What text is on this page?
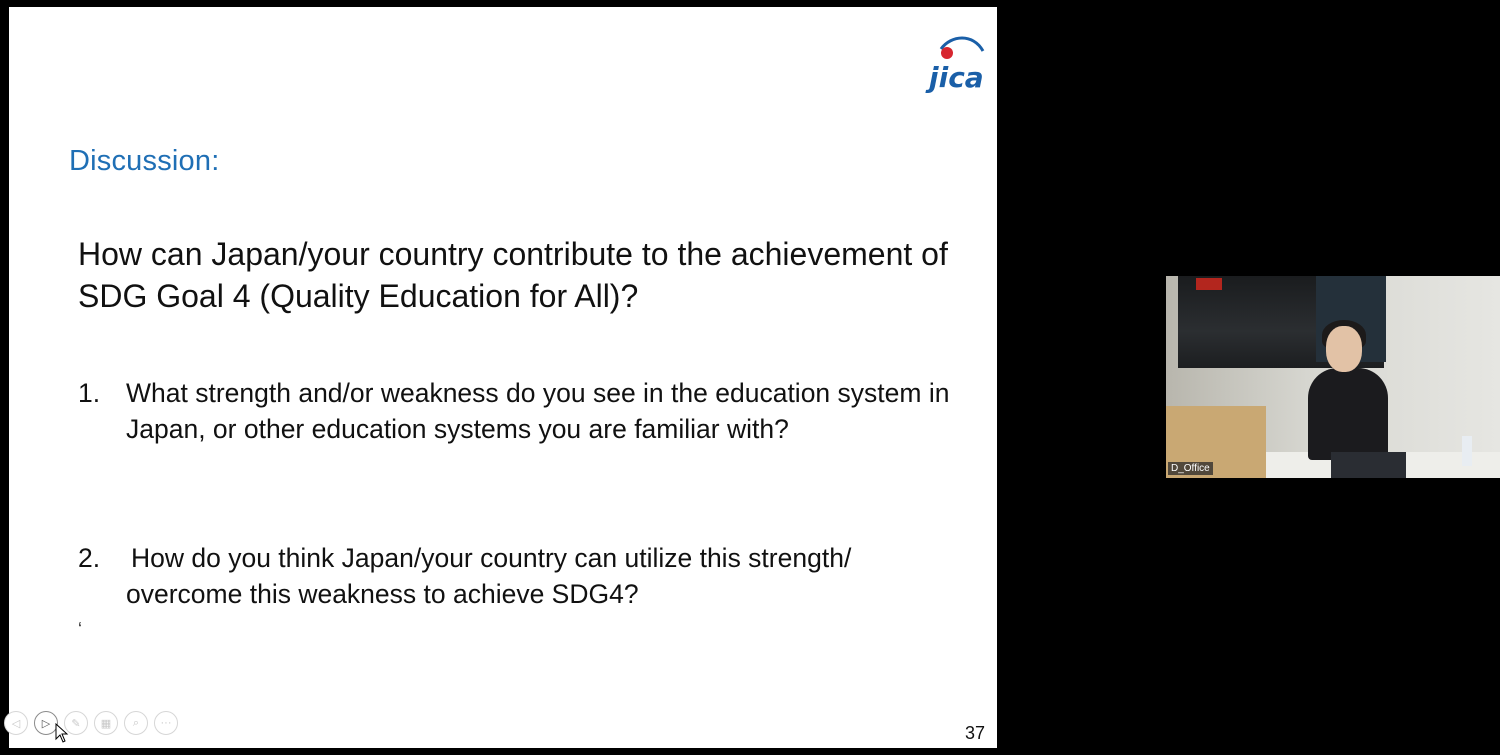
jica
Discussion:
How can Japan/your country contribute to the achievement of SDG Goal 4 (Quality Education for All)?
1. What strength and/or weakness do you see in the education system in Japan, or other education systems you are familiar with?
2.	How do you think Japan/your country can utilize this strength/ overcome this weakness to achieve SDG4?
‘
37
◁	▷	✎	▦	⌕	···
D_Office
